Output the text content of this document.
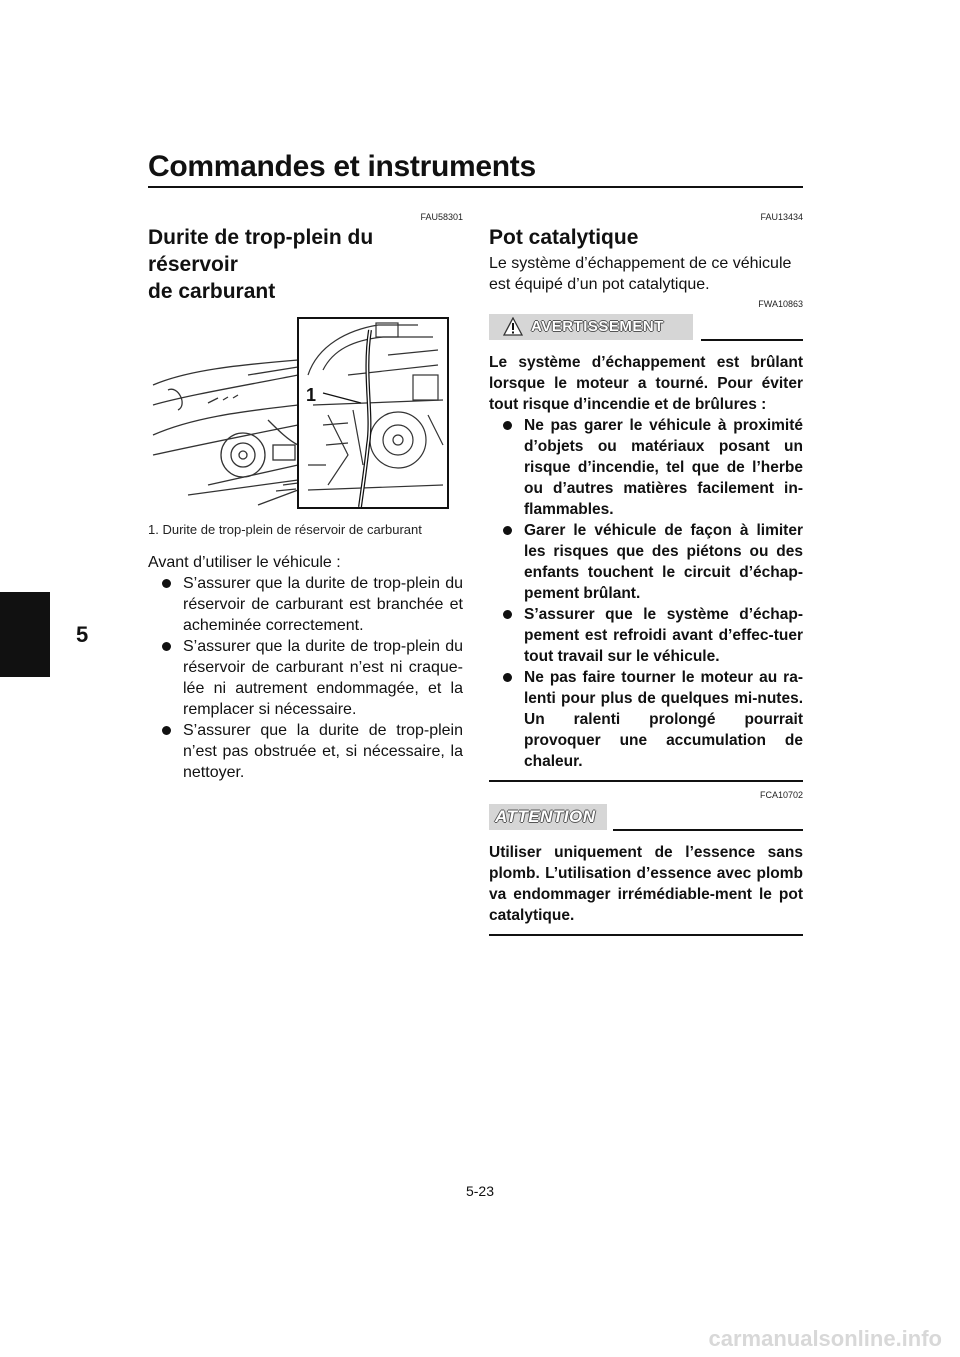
Commandes et instruments
5
FAU58301
Durite de trop-plein du réservoir
de carburant
1
1. Durite de trop-plein de réservoir de carburant
Avant d’utiliser le véhicule :
S’assurer que la durite de trop-plein du réservoir de carburant est branchée et acheminée correctement.
S’assurer que la durite de trop-plein du réservoir de carburant n’est ni craque-lée ni autrement endommagée, et la remplacer si nécessaire.
S’assurer que la durite de trop-plein n’est pas obstruée et, si nécessaire, la nettoyer.
FAU13434
Pot catalytique
Le système d’échappement de ce véhicule est équipé d’un pot catalytique.
FWA10863
AVERTISSEMENT
Le système d’échappement est brûlant lorsque le moteur a tourné. Pour éviter tout risque d’incendie et de brûlures :
Ne pas garer le véhicule à proximité d’objets ou matériaux posant un risque d’incendie, tel que de l’herbe ou d’autres matières facilement in-flammables.
Garer le véhicule de façon à limiter les risques que des piétons ou des enfants touchent le circuit d’échap-pement brûlant.
S’assurer que le système d’échap-pement est refroidi avant d’effec-tuer tout travail sur le véhicule.
Ne pas faire tourner le moteur au ra-lenti pour plus de quelques mi-nutes. Un ralenti prolongé pourrait provoquer une accumulation de chaleur.
FCA10702
ATTENTION
Utiliser uniquement de l’essence sans plomb. L’utilisation d’essence avec plomb va endommager irrémédiable-ment le pot catalytique.
5-23
carmanualsonline.info
